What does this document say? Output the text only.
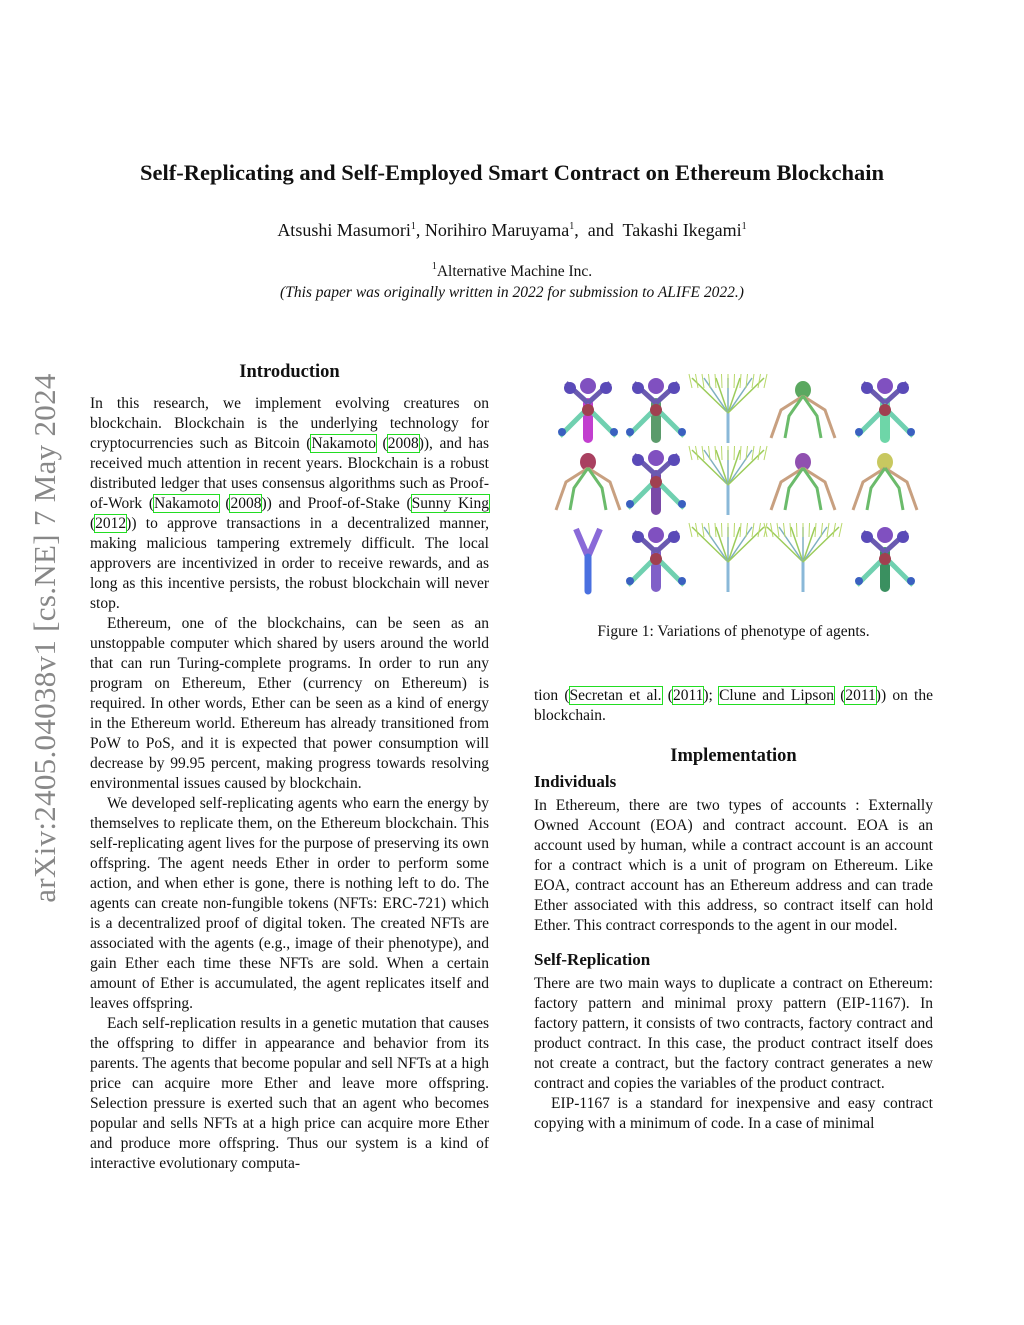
Self-Replicating and Self-Employed Smart Contract on Ethereum Blockchain
Atsushi Masumori$^1$, Norihiro Maruyama$^1$,  and  Takashi Ikegami$^1$
$^1$Alternative Machine Inc.
(This paper was originally written in 2022 for submission to ALIFE 2022.)
arXiv:2405.04038v1 [cs.NE] 7 May 2024
Introduction

In this research, we implement evolving creatures on blockchain. Blockchain is the underlying technology for cryptocurrencies such as Bitcoin (Nakamoto (2008)), and has received much attention in recent years. Blockchain is a robust distributed ledger that uses consensus algorithms such as Proof-of-Work (Nakamoto (2008)) and Proof-of-Stake (Sunny King (2012)) to approve transactions in a decentralized manner, making malicious tampering extremely difficult. The local approvers are incentivized in order to receive rewards, and as long as this incentive persists, the robust blockchain will never stop.

Ethereum, one of the blockchains, can be seen as an unstoppable computer which shared by users around the world that can run Turing-complete programs. In order to run any program on Ethereum, Ether (currency on Ethereum) is required. In other words, Ether can be seen as a kind of energy in the Ethereum world. Ethereum has already transitioned from PoW to PoS, and it is expected that power consumption will decrease by 99.95 percent, making progress towards resolving environmental issues caused by blockchain.

We developed self-replicating agents who earn the energy by themselves to replicate them, on the Ethereum blockchain. This self-replicating agent lives for the purpose of preserving its own offspring. The agent needs Ether in order to perform some action, and when ether is gone, there is nothing left to do. The agents can create non-fungible tokens (NFTs: ERC-721) which is a decentralized proof of digital token. The created NFTs are associated with the agents (e.g., image of their phenotype), and gain Ether each time these NFTs are sold. When a certain amount of Ether is accumulated, the agent replicates itself and leaves offspring.

Each self-replication results in a genetic mutation that causes the offspring to differ in appearance and behavior from its parents. The agents that become popular and sell NFTs at a high price can acquire more Ether and leave more offspring. Selection pressure is exerted such that an agent who becomes popular and sells NFTs at a high price can acquire more Ether and produce more offspring. Thus our system is a kind of interactive evolutionary computa-

Figure 1: Variations of phenotype of agents.

tion (Secretan et al. (2011); Clune and Lipson (2011)) on the blockchain.

Implementation
Individuals

In Ethereum, there are two types of accounts : Externally Owned Account (EOA) and contract account. EOA is an account used by human, while a contract account is an account for a contract which is a unit of program on Ethereum. Like EOA, contract account has an Ethereum address and can trade Ether associated with this address, so contract itself can hold Ether. This contract corresponds to the agent in our model.

Self-Replication

There are two main ways to duplicate a contract on Ethereum: factory pattern and minimal proxy pattern (EIP-1167). In factory pattern, it consists of two contracts, factory contract and product contract. In this case, the product contract itself does not create a contract, but the factory contract generates a new contract and copies the variables of the product contract.

EIP-1167 is a standard for inexpensive and easy contract copying with a minimum of code. In a case of minimal
